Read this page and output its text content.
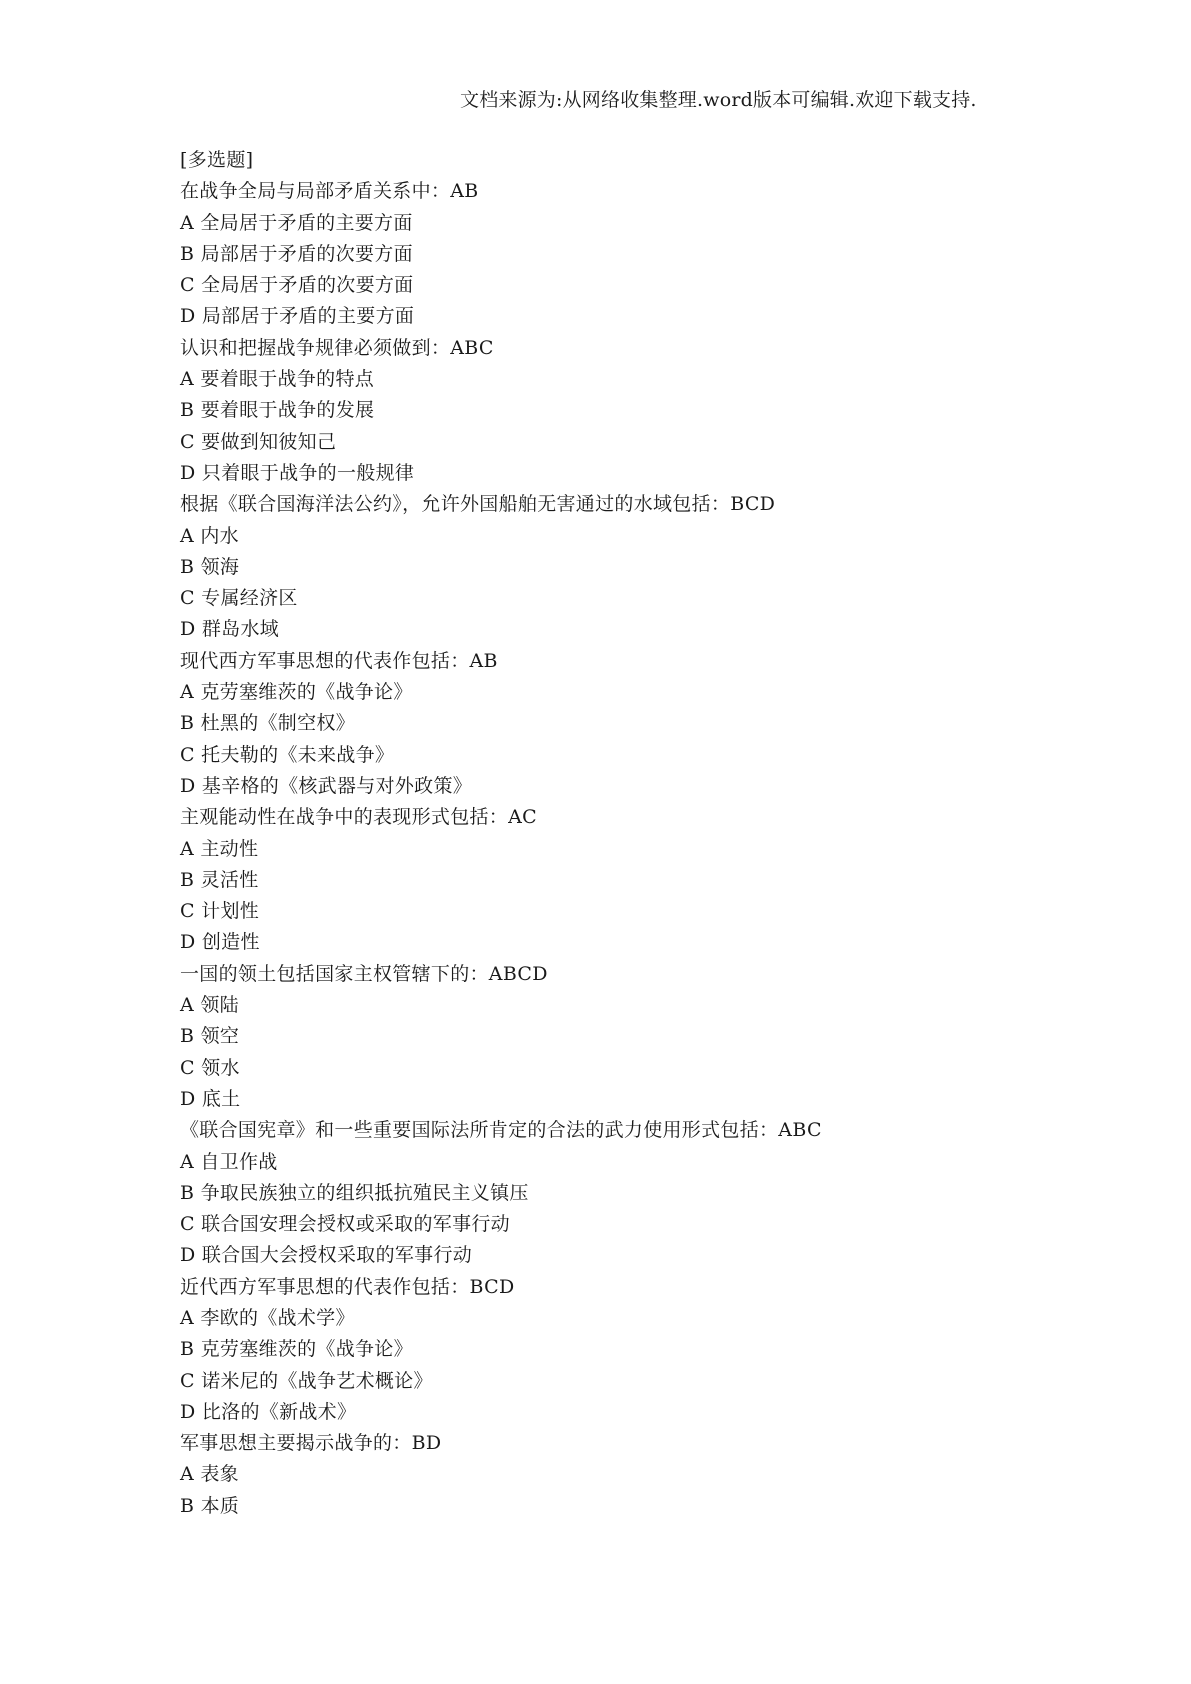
文档来源为:从网络收集整理.word版本可编辑.欢迎下载支持.
[多选题]
在战争全局与局部矛盾关系中：AB
A 全局居于矛盾的主要方面
B 局部居于矛盾的次要方面
C 全局居于矛盾的次要方面
D 局部居于矛盾的主要方面
认识和把握战争规律必须做到：ABC
A 要着眼于战争的特点
B 要着眼于战争的发展
C 要做到知彼知己
D 只着眼于战争的一般规律
根据《联合国海洋法公约》，允许外国船舶无害通过的水域包括：BCD
A 内水
B 领海
C 专属经济区
D 群岛水域
现代西方军事思想的代表作包括：AB
A 克劳塞维茨的《战争论》
B 杜黑的《制空权》
C 托夫勒的《未来战争》
D 基辛格的《核武器与对外政策》
主观能动性在战争中的表现形式包括：AC
A 主动性
B 灵活性
C 计划性
D 创造性
一国的领土包括国家主权管辖下的：ABCD
A 领陆
B 领空
C 领水
D 底土
《联合国宪章》和一些重要国际法所肯定的合法的武力使用形式包括：ABC
A 自卫作战
B 争取民族独立的组织抵抗殖民主义镇压
C 联合国安理会授权或采取的军事行动
D 联合国大会授权采取的军事行动
近代西方军事思想的代表作包括：BCD
A 李欧的《战术学》
B 克劳塞维茨的《战争论》
C 诺米尼的《战争艺术概论》
D 比洛的《新战术》
军事思想主要揭示战争的：BD
A 表象
B 本质
